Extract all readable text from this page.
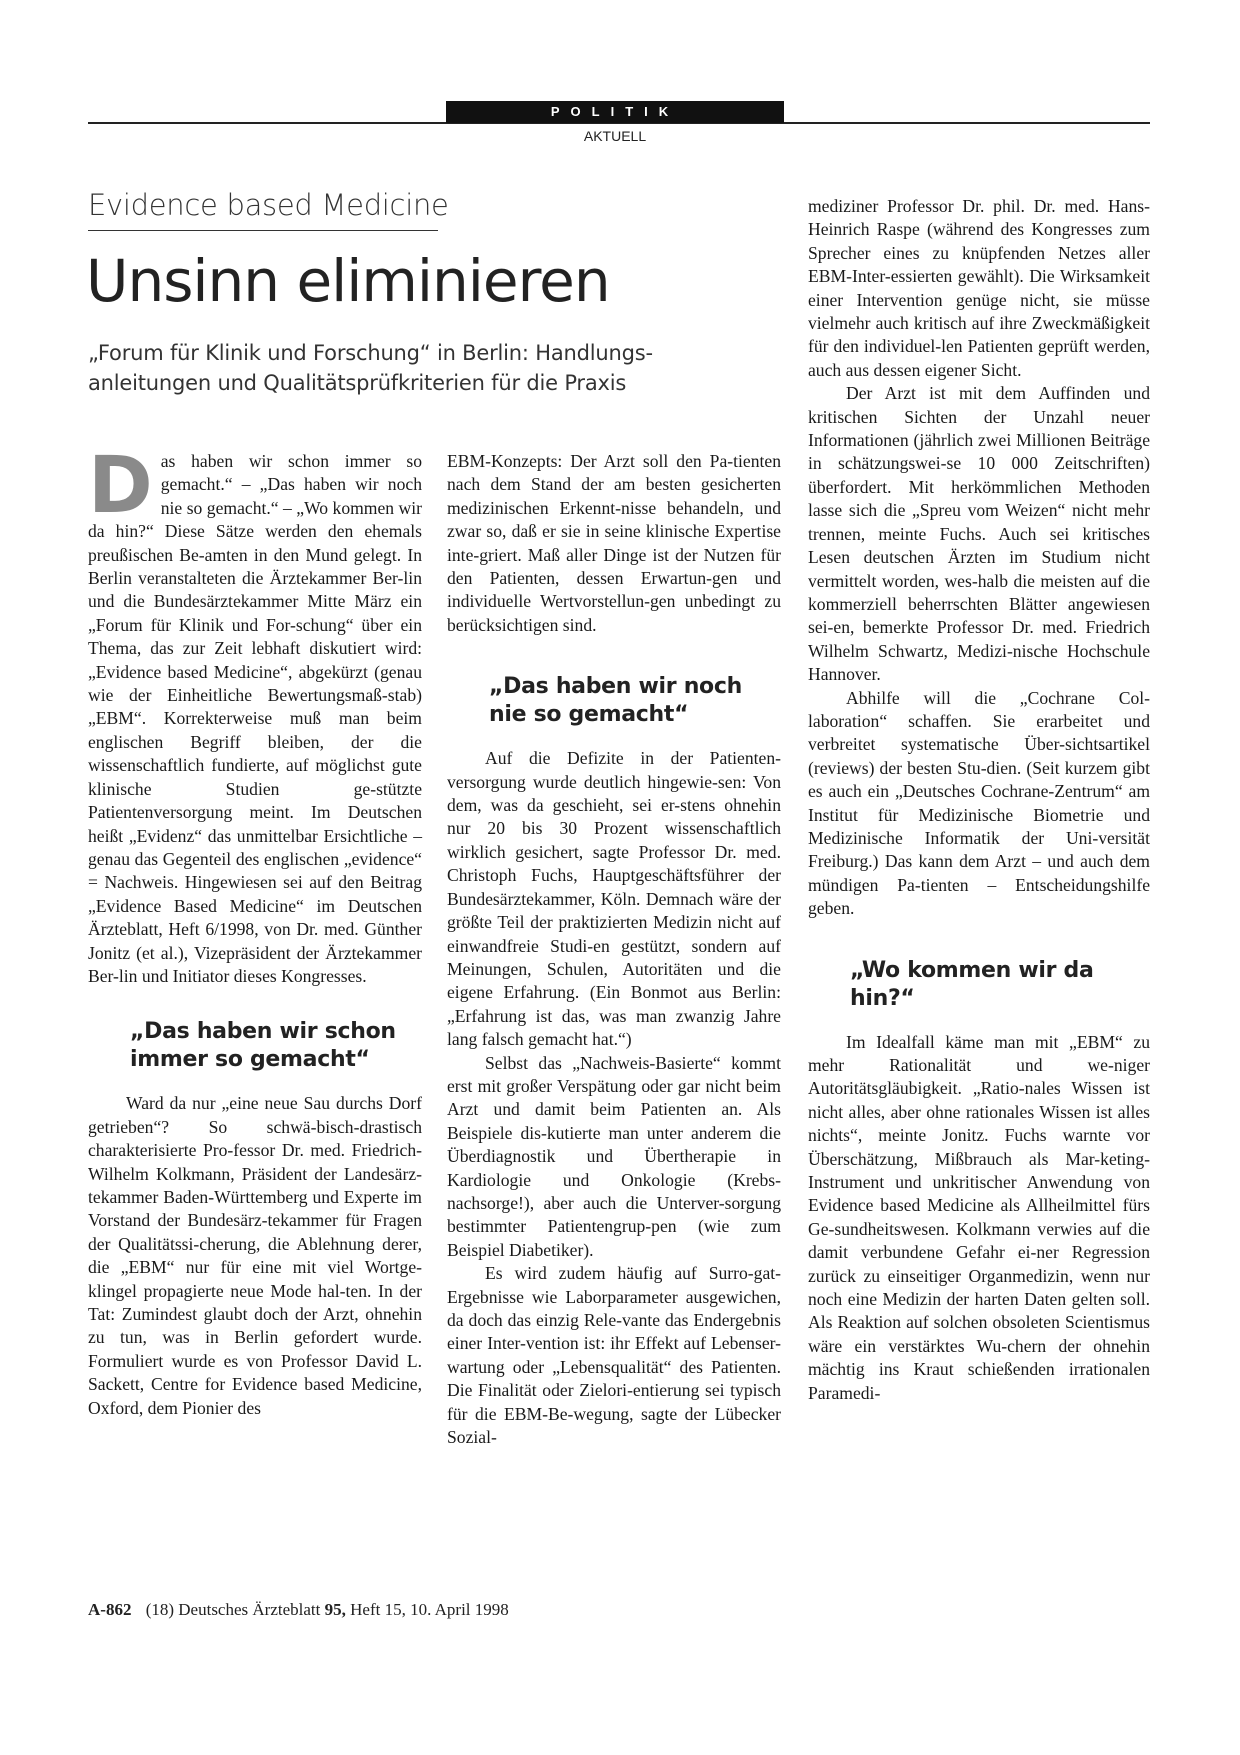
POLITIK
AKTUELL
Evidence based Medicine
Unsinn eliminieren
„Forum für Klinik und Forschung“ in Berlin: Handlungs-anleitungen und Qualitätsprüfkriterien für die Praxis

Das haben wir schon immer so gemacht.“ – „Das haben wir noch nie so gemacht.“ – „Wo kommen wir da hin?“ Diese Sätze werden den ehemals preußischen Be-amten in den Mund gelegt. In Berlin veranstalteten die Ärztekammer Ber-lin und die Bundesärztekammer Mitte März ein „Forum für Klinik und For-schung“ über ein Thema, das zur Zeit lebhaft diskutiert wird: „Evidence based Medicine“, abgekürzt (genau wie der Einheitliche Bewertungsmaß-stab) „EBM“. Korrekterweise muß man beim englischen Begriff bleiben, der die wissenschaftlich fundierte, auf möglichst gute klinische Studien ge-stützte Patientenversorgung meint. Im Deutschen heißt „Evidenz“ das unmittelbar Ersichtliche – genau das Gegenteil des englischen „evidence“ = Nachweis. Hingewiesen sei auf den Beitrag „Evidence Based Medicine“ im Deutschen Ärzteblatt, Heft 6/1998, von Dr. med. Günther Jonitz (et al.), Vizepräsident der Ärztekammer Ber-lin und Initiator dieses Kongresses.

„Das haben wir schon immer so gemacht“

Ward da nur „eine neue Sau durchs Dorf getrieben“? So schwä-bisch-drastisch charakterisierte Pro-fessor Dr. med. Friedrich-Wilhelm Kolkmann, Präsident der Landesärz-tekammer Baden-Württemberg und Experte im Vorstand der Bundesärz-tekammer für Fragen der Qualitätssi-cherung, die Ablehnung derer, die „EBM“ nur für eine mit viel Wortge-klingel propagierte neue Mode hal-ten. In der Tat: Zumindest glaubt doch der Arzt, ohnehin zu tun, was in Berlin gefordert wurde. Formuliert wurde es von Professor David L. Sackett, Centre for Evidence based Medicine, Oxford, dem Pionier des

EBM-Konzepts: Der Arzt soll den Pa-tienten nach dem Stand der am besten gesicherten medizinischen Erkennt-nisse behandeln, und zwar so, daß er sie in seine klinische Expertise inte-griert. Maß aller Dinge ist der Nutzen für den Patienten, dessen Erwartun-gen und individuelle Wertvorstellun-gen unbedingt zu berücksichtigen sind.

„Das haben wir noch nie so gemacht“

Auf die Defizite in der Patienten-versorgung wurde deutlich hingewie-sen: Von dem, was da geschieht, sei er-stens ohnehin nur 20 bis 30 Prozent wissenschaftlich wirklich gesichert, sagte Professor Dr. med. Christoph Fuchs, Hauptgeschäftsführer der Bundesärztekammer, Köln. Demnach wäre der größte Teil der praktizierten Medizin nicht auf einwandfreie Studi-en gestützt, sondern auf Meinungen, Schulen, Autoritäten und die eigene Erfahrung. (Ein Bonmot aus Berlin: „Erfahrung ist das, was man zwanzig Jahre lang falsch gemacht hat.“)

Selbst das „Nachweis-Basierte“ kommt erst mit großer Verspätung oder gar nicht beim Arzt und damit beim Patienten an. Als Beispiele dis-kutierte man unter anderem die Überdiagnostik und Übertherapie in Kardiologie und Onkologie (Krebs-nachsorge!), aber auch die Unterver-sorgung bestimmter Patientengrup-pen (wie zum Beispiel Diabetiker).

Es wird zudem häufig auf Surro-gat-Ergebnisse wie Laborparameter ausgewichen, da doch das einzig Rele-vante das Endergebnis einer Inter-vention ist: ihr Effekt auf Lebenser-wartung oder „Lebensqualität“ des Patienten. Die Finalität oder Zielori-entierung sei typisch für die EBM-Be-wegung, sagte der Lübecker Sozial-

mediziner Professor Dr. phil. Dr. med. Hans-Heinrich Raspe (während des Kongresses zum Sprecher eines zu knüpfenden Netzes aller EBM-Inter-essierten gewählt). Die Wirksamkeit einer Intervention genüge nicht, sie müsse vielmehr auch kritisch auf ihre Zweckmäßigkeit für den individuel-len Patienten geprüft werden, auch aus dessen eigener Sicht.

Der Arzt ist mit dem Auffinden und kritischen Sichten der Unzahl neuer Informationen (jährlich zwei Millionen Beiträge in schätzungswei-se 10 000 Zeitschriften) überfordert. Mit herkömmlichen Methoden lasse sich die „Spreu vom Weizen“ nicht mehr trennen, meinte Fuchs. Auch sei kritisches Lesen deutschen Ärzten im Studium nicht vermittelt worden, wes-halb die meisten auf die kommerziell beherrschten Blätter angewiesen sei-en, bemerkte Professor Dr. med. Friedrich Wilhelm Schwartz, Medizi-nische Hochschule Hannover.

Abhilfe will die „Cochrane Col-laboration“ schaffen. Sie erarbeitet und verbreitet systematische Über-sichtsartikel (reviews) der besten Stu-dien. (Seit kurzem gibt es auch ein „Deutsches Cochrane-Zentrum“ am Institut für Medizinische Biometrie und Medizinische Informatik der Uni-versität Freiburg.) Das kann dem Arzt – und auch dem mündigen Pa-tienten – Entscheidungshilfe geben.

„Wo kommen wir da hin?“

Im Idealfall käme man mit „EBM“ zu mehr Rationalität und we-niger Autoritätsgläubigkeit. „Ratio-nales Wissen ist nicht alles, aber ohne rationales Wissen ist alles nichts“, meinte Jonitz. Fuchs warnte vor Überschätzung, Mißbrauch als Mar-keting-Instrument und unkritischer Anwendung von Evidence based Medicine als Allheilmittel fürs Ge-sundheitswesen. Kolkmann verwies auf die damit verbundene Gefahr ei-ner Regression zurück zu einseitiger Organmedizin, wenn nur noch eine Medizin der harten Daten gelten soll. Als Reaktion auf solchen obsoleten Scientismus wäre ein verstärktes Wu-chern der ohnehin mächtig ins Kraut schießenden irrationalen Paramedi-

A-862 (18) Deutsches Ärzteblatt 95, Heft 15, 10. April 1998
